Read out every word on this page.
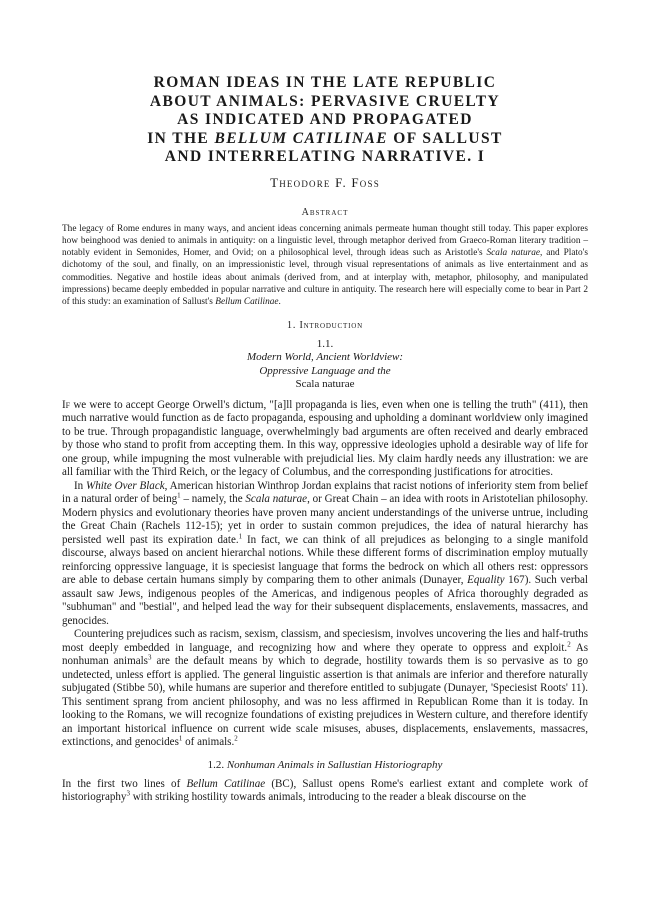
ROMAN IDEAS IN THE LATE REPUBLIC
ABOUT ANIMALS: PERVASIVE CRUELTY
AS INDICATED AND PROPAGATED
IN THE BELLUM CATILINAE OF SALLUST
AND INTERRELATING NARRATIVE. I
Theodore F. Foss
Abstract
The legacy of Rome endures in many ways, and ancient ideas concerning animals permeate human thought still today. This paper explores how beinghood was denied to animals in antiquity: on a linguistic level, through metaphor derived from Graeco-Roman literary tradition – notably evident in Semonides, Homer, and Ovid; on a philosophical level, through ideas such as Aristotle's Scala naturae, and Plato's dichotomy of the soul, and finally, on an impressionistic level, through visual representations of animals as live entertainment and as commodities. Negative and hostile ideas about animals (derived from, and at interplay with, metaphor, philosophy, and manipulated impressions) became deeply embedded in popular narrative and culture in antiquity. The research here will especially come to bear in Part 2 of this study: an examination of Sallust's Bellum Catilinae.
1. Introduction
1.1.
Modern World, Ancient Worldview:
Oppressive Language and the
Scala naturae

If we were to accept George Orwell's dictum, "[a]ll propaganda is lies, even when one is telling the truth" (411), then much narrative would function as de facto propaganda, espousing and upholding a dominant worldview only imagined to be true. Through propagandistic language, overwhelmingly bad arguments are often received and dearly embraced by those who stand to profit from accepting them. In this way, oppressive ideologies uphold a desirable way of life for one group, while impugning the most vulnerable with prejudicial lies. My claim hardly needs any illustration: we are all familiar with the Third Reich, or the legacy of Columbus, and the corresponding justifications for atrocities.

In White Over Black, American historian Winthrop Jordan explains that racist notions of inferiority stem from belief in a natural order of being$^1$ – namely, the Scala naturae, or Great Chain – an idea with roots in Aristotelian philosophy. Modern physics and evolutionary theories have proven many ancient understandings of the universe untrue, including the Great Chain (Rachels 112-15); yet in order to sustain common prejudices, the idea of natural hierarchy has persisted well past its expiration date.$^1$ In fact, we can think of all prejudices as belonging to a single manifold discourse, always based on ancient hierarchal notions. While these different forms of discrimination employ mutually reinforcing oppressive language, it is speciesist language that forms the bedrock on which all others rest: oppressors are able to debase certain humans simply by comparing them to other animals (Dunayer, Equality 167). Such verbal assault saw Jews, indigenous peoples of the Americas, and indigenous peoples of Africa thoroughly degraded as "subhuman" and "bestial", and helped lead the way for their subsequent displacements, enslavements, massacres, and genocides.

Countering prejudices such as racism, sexism, classism, and speciesism, involves uncovering the lies and half-truths most deeply embedded in language, and recognizing how and where they operate to oppress and exploit.$^2$ As nonhuman animals$^3$ are the default means by which to degrade, hostility towards them is so pervasive as to go undetected, unless effort is applied. The general linguistic assertion is that animals are inferior and therefore naturally subjugated (Stibbe 50), while humans are superior and therefore entitled to subjugate (Dunayer, 'Speciesist Roots' 11). This sentiment sprang from ancient philosophy, and was no less affirmed in Republican Rome than it is today. In looking to the Romans, we will recognize foundations of existing prejudices in Western culture, and therefore identify an important historical influence on current wide scale misuses, abuses, displacements, enslavements, massacres, extinctions, and genocides$^1$ of animals.$^2$

1.2. Nonhuman Animals in Sallustian Historiography

In the first two lines of Bellum Catilinae (BC), Sallust opens Rome's earliest extant and complete work of historiography$^3$ with striking hostility towards animals, introducing to the reader a bleak discourse on the
